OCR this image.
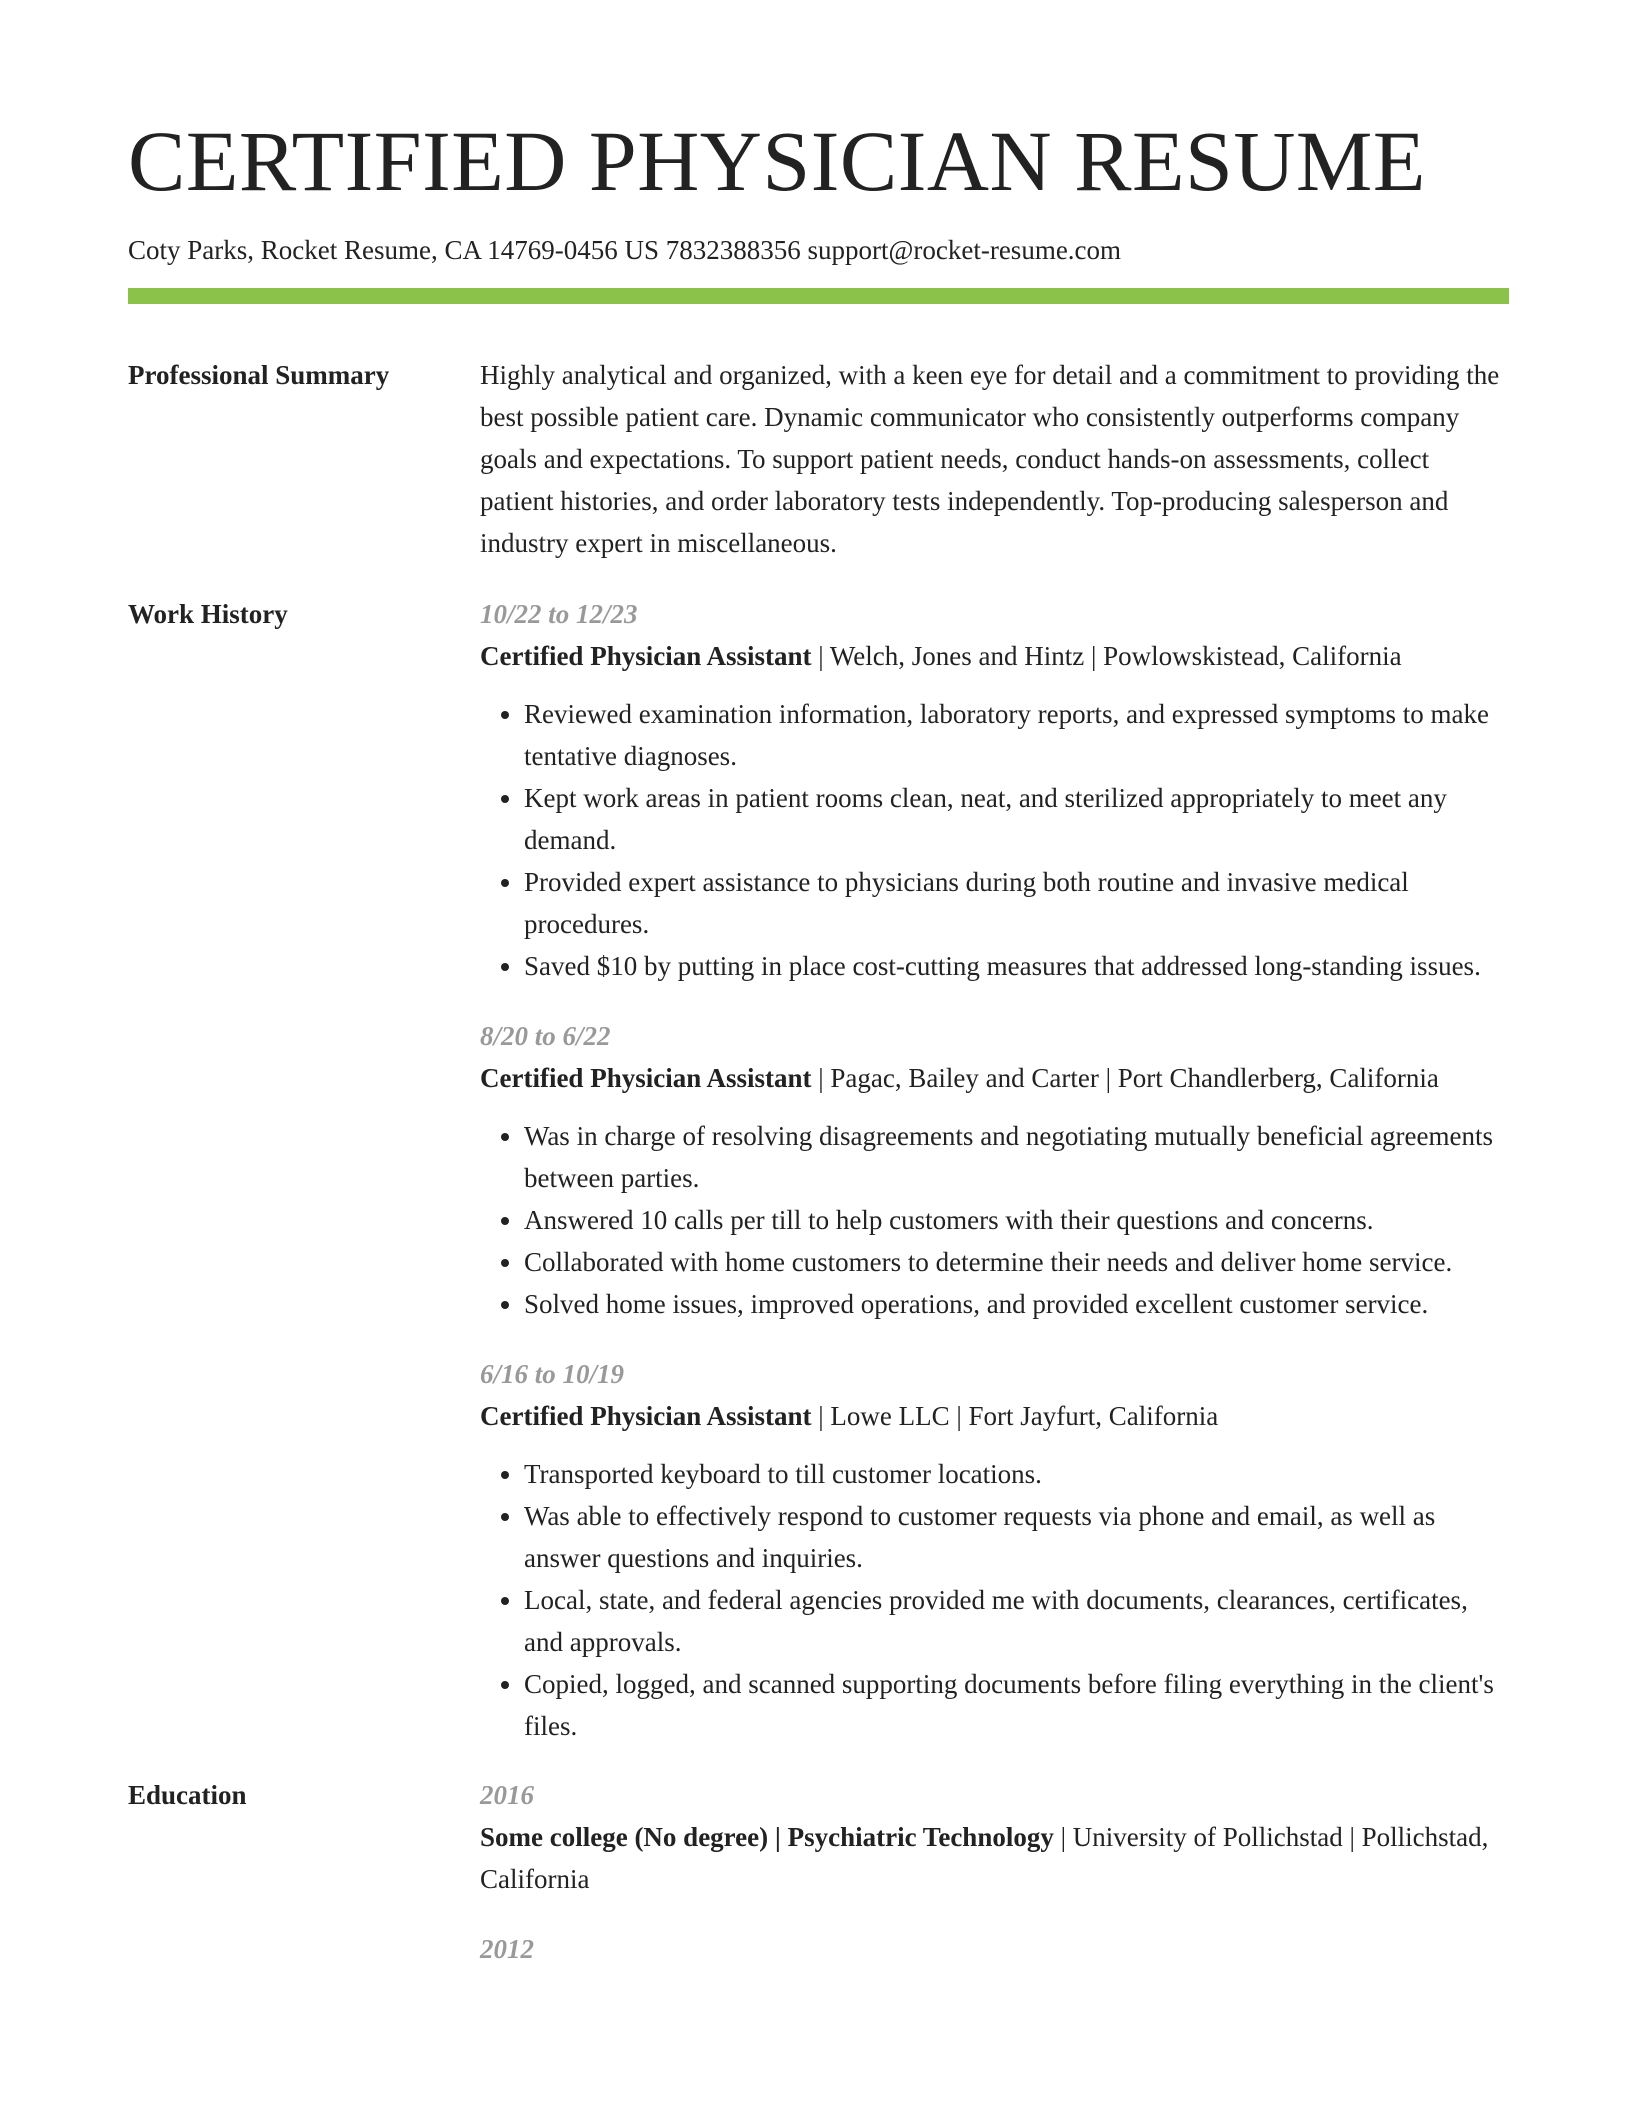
CERTIFIED PHYSICIAN RESUME
Coty Parks, Rocket Resume, CA 14769-0456 US 7832388356 support@rocket-resume.com
Professional Summary	Highly analytical and organized, with a keen eye for detail and a commitment to providing the best possible patient care. Dynamic communicator who consistently outperforms company goals and expectations. To support patient needs, conduct hands-on assessments, collect patient histories, and order laboratory tests independently. Top-producing salesperson and industry expert in miscellaneous.

Work History	10/22 to 12/23
Certified Physician Assistant | Welch, Jones and Hintz | Powlowskistead, California
• Reviewed examination information, laboratory reports, and expressed symptoms to make tentative diagnoses.
• Kept work areas in patient rooms clean, neat, and sterilized appropriately to meet any demand.
• Provided expert assistance to physicians during both routine and invasive medical procedures.
• Saved $10 by putting in place cost-cutting measures that addressed long-standing issues.
8/20 to 6/22
Certified Physician Assistant | Pagac, Bailey and Carter | Port Chandlerberg, California
• Was in charge of resolving disagreements and negotiating mutually beneficial agreements between parties.
• Answered 10 calls per till to help customers with their questions and concerns.
• Collaborated with home customers to determine their needs and deliver home service.
• Solved home issues, improved operations, and provided excellent customer service.
6/16 to 10/19
Certified Physician Assistant | Lowe LLC | Fort Jayfurt, California
• Transported keyboard to till customer locations.
• Was able to effectively respond to customer requests via phone and email, as well as answer questions and inquiries.
• Local, state, and federal agencies provided me with documents, clearances, certificates, and approvals.
• Copied, logged, and scanned supporting documents before filing everything in the client's files.
Education	2016
Some college (No degree) | Psychiatric Technology | University of Pollichstad | Pollichstad, California
2012
